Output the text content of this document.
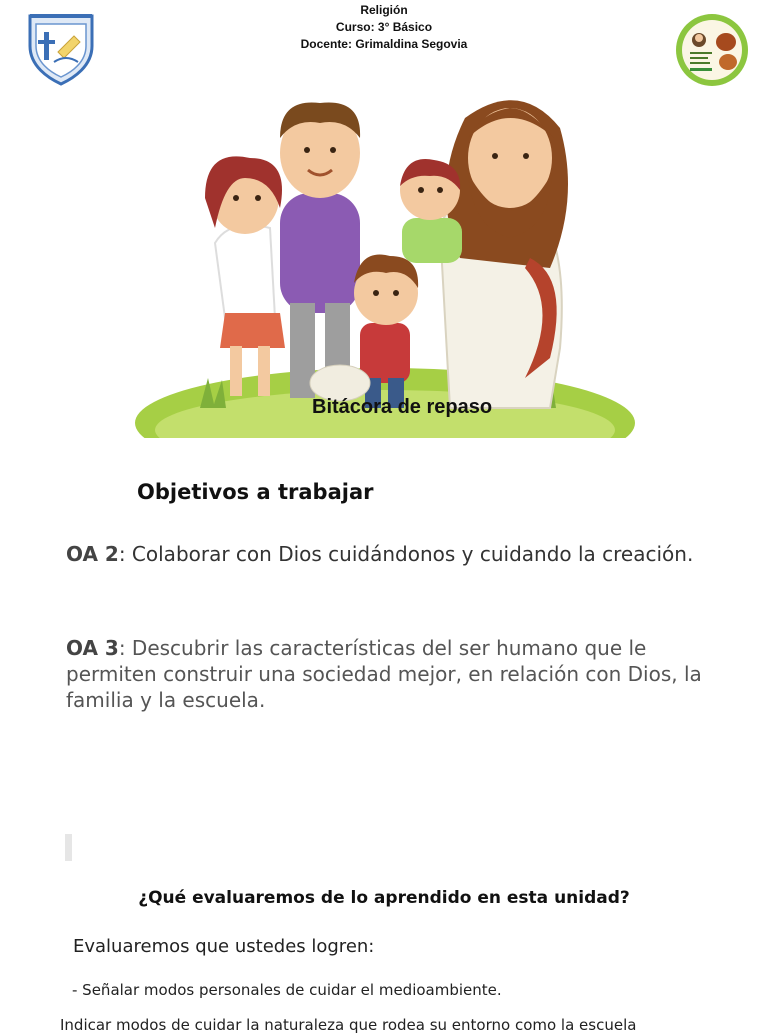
Religión
Curso: 3° Básico
Docente: Grimaldina Segovia
Bitácora de repaso
Objetivos a trabajar
OA 2: Colaborar con Dios cuidándonos y cuidando la creación.
OA 3: Descubrir las características del ser humano que le permiten construir una sociedad mejor, en relación con Dios, la familia y la escuela.
¿Qué evaluaremos de lo aprendido en esta unidad?
Evaluaremos que ustedes logren:
- Señalar modos personales de cuidar el medioambiente.
Indicar modos de cuidar la naturaleza que rodea su entorno como la escuela
